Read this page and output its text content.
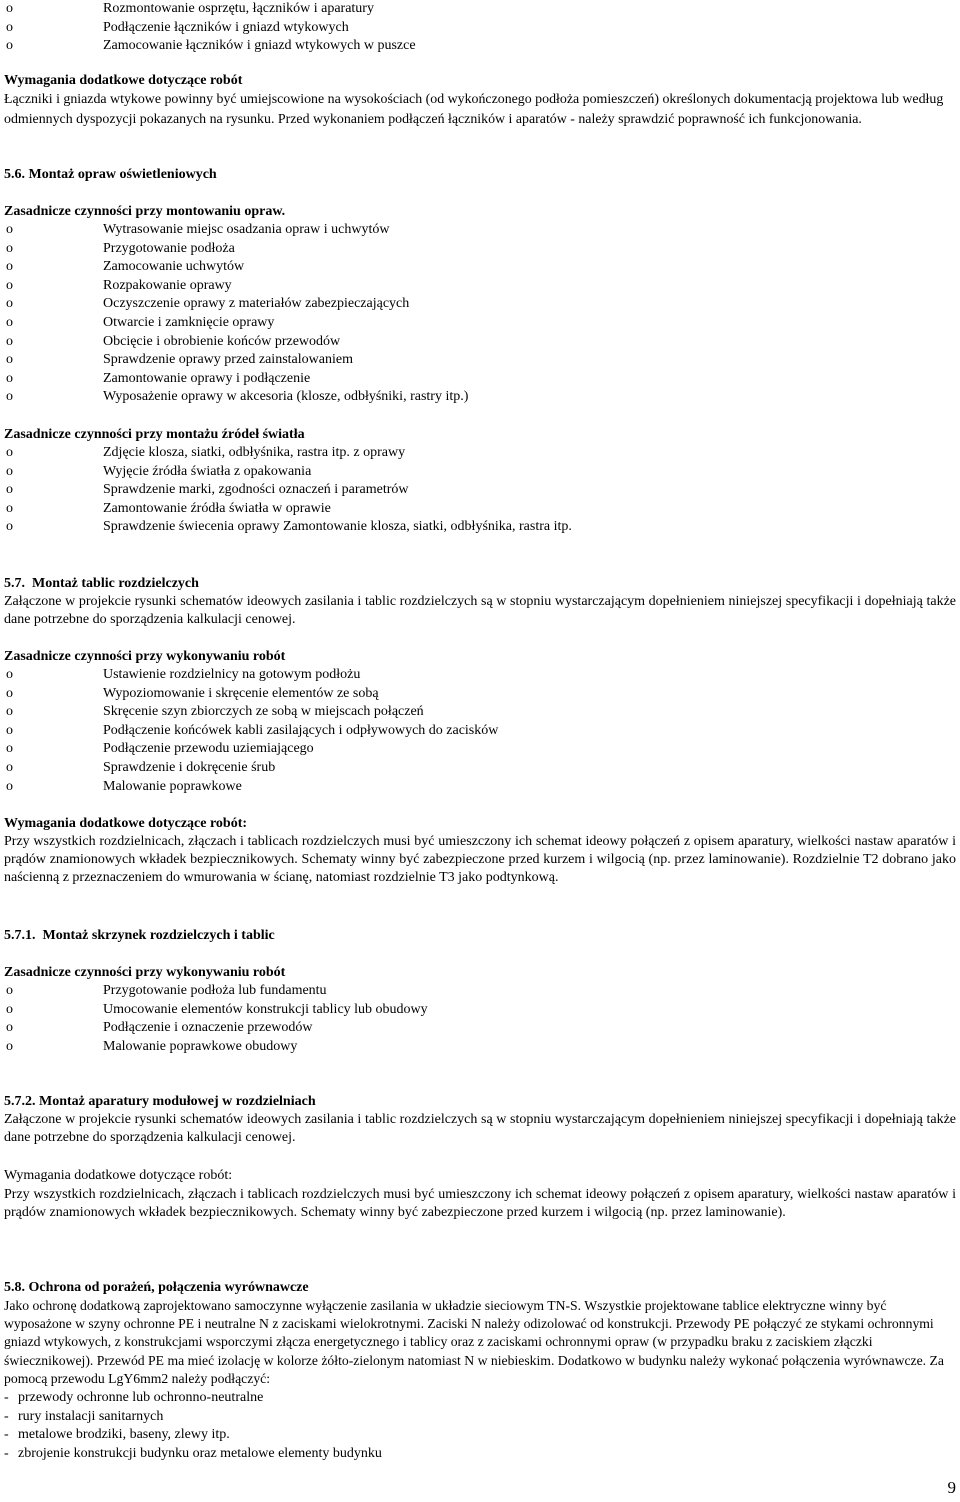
o	Rozmontowanie osprzętu, łączników i aparatury
o	Podłączenie łączników i gniazd wtykowych
o	Zamocowanie łączników i gniazd wtykowych w puszce
Wymagania dodatkowe dotyczące robót
Łączniki i gniazda wtykowe powinny być umiejscowione na wysokościach (od wykończonego podłoża pomieszczeń) określonych dokumentacją projektowa lub według odmiennych dyspozycji pokazanych na rysunku. Przed wykonaniem podłączeń łączników i aparatów - należy sprawdzić poprawność ich funkcjonowania.
5.6. Montaż opraw oświetleniowych
Zasadnicze czynności przy montowaniu opraw.
o	Wytrasowanie miejsc osadzania opraw i uchwytów
o	Przygotowanie podłoża
o	Zamocowanie uchwytów
o	Rozpakowanie oprawy
o	Oczyszczenie oprawy z materiałów zabezpieczających
o	Otwarcie i zamknięcie oprawy
o	Obcięcie i obrobienie końców przewodów
o	Sprawdzenie oprawy przed zainstalowaniem
o	Zamontowanie oprawy i podłączenie
o	Wyposażenie oprawy w akcesoria (klosze, odbłyśniki, rastry itp.)
Zasadnicze czynności przy montażu źródeł światła
o	Zdjęcie klosza, siatki, odbłyśnika, rastra itp. z oprawy
o	Wyjęcie źródła światła z opakowania
o	Sprawdzenie marki, zgodności oznaczeń i parametrów
o	Zamontowanie źródła światła w oprawie
o	Sprawdzenie świecenia oprawy Zamontowanie klosza, siatki, odbłyśnika, rastra itp.
5.7.  Montaż tablic rozdzielczych
Załączone w projekcie rysunki schematów ideowych zasilania i tablic rozdzielczych są w stopniu wystarczającym dopełnieniem niniejszej specyfikacji i dopełniają także dane potrzebne do sporządzenia kalkulacji cenowej.
Zasadnicze czynności przy wykonywaniu robót
o	Ustawienie rozdzielnicy na gotowym podłożu
o	Wypoziomowanie i skręcenie elementów ze sobą
o	Skręcenie szyn zbiorczych ze sobą w miejscach połączeń
o	Podłączenie końcówek kabli zasilających i odpływowych do zacisków
o	Podłączenie przewodu uziemiającego
o	Sprawdzenie i dokręcenie śrub
o	Malowanie poprawkowe
Wymagania dodatkowe dotyczące robót:
Przy wszystkich rozdzielnicach, złączach i tablicach rozdzielczych musi być umieszczony ich schemat ideowy połączeń z opisem aparatury, wielkości nastaw aparatów i prądów znamionowych wkładek bezpiecznikowych. Schematy winny być zabezpieczone przed kurzem i wilgocią (np. przez laminowanie). Rozdzielnie T2 dobrano jako naścienną z przeznaczeniem do wmurowania w ścianę, natomiast rozdzielnie T3 jako podtynkową.
5.7.1.  Montaż skrzynek rozdzielczych i tablic
Zasadnicze czynności przy wykonywaniu robót
o	Przygotowanie podłoża lub fundamentu
o	Umocowanie elementów konstrukcji tablicy lub obudowy
o	Podłączenie i oznaczenie przewodów
o	Malowanie poprawkowe obudowy
5.7.2. Montaż aparatury modułowej w rozdzielniach
Załączone w projekcie rysunki schematów ideowych zasilania i tablic rozdzielczych są w stopniu wystarczającym dopełnieniem niniejszej specyfikacji i dopełniają także dane potrzebne do sporządzenia kalkulacji cenowej.
Wymagania dodatkowe dotyczące robót:
Przy wszystkich rozdzielnicach, złączach i tablicach rozdzielczych musi być umieszczony ich schemat ideowy połączeń z opisem aparatury, wielkości nastaw aparatów i prądów znamionowych wkładek bezpiecznikowych. Schematy winny być zabezpieczone przed kurzem i wilgocią (np. przez laminowanie).
5.8. Ochrona od porażeń, połączenia wyrównawcze
Jako ochronę dodatkową zaprojektowano samoczynne wyłączenie zasilania w układzie sieciowym TN-S. Wszystkie projektowane tablice elektryczne winny być wyposażone w szyny ochronne PE i neutralne N z zaciskami wielokrotnymi. Zaciski N należy odizolować od konstrukcji. Przewody PE połączyć ze stykami ochronnymi gniazd wtykowych, z konstrukcjami wsporczymi złącza energetycznego i tablicy oraz z zaciskami ochronnymi opraw (w przypadku braku z zaciskiem złączki świecznikowej). Przewód PE ma mieć izolację w kolorze żółto-zielonym natomiast N w niebieskim. Dodatkowo w budynku należy wykonać połączenia wyrównawcze. Za pomocą przewodu LgY6mm2 należy podłączyć:
- przewody ochronne lub ochronno-neutralne
- rury instalacji sanitarnych
- metalowe brodziki, baseny, zlewy itp.
- zbrojenie konstrukcji budynku oraz metalowe elementy budynku
9
